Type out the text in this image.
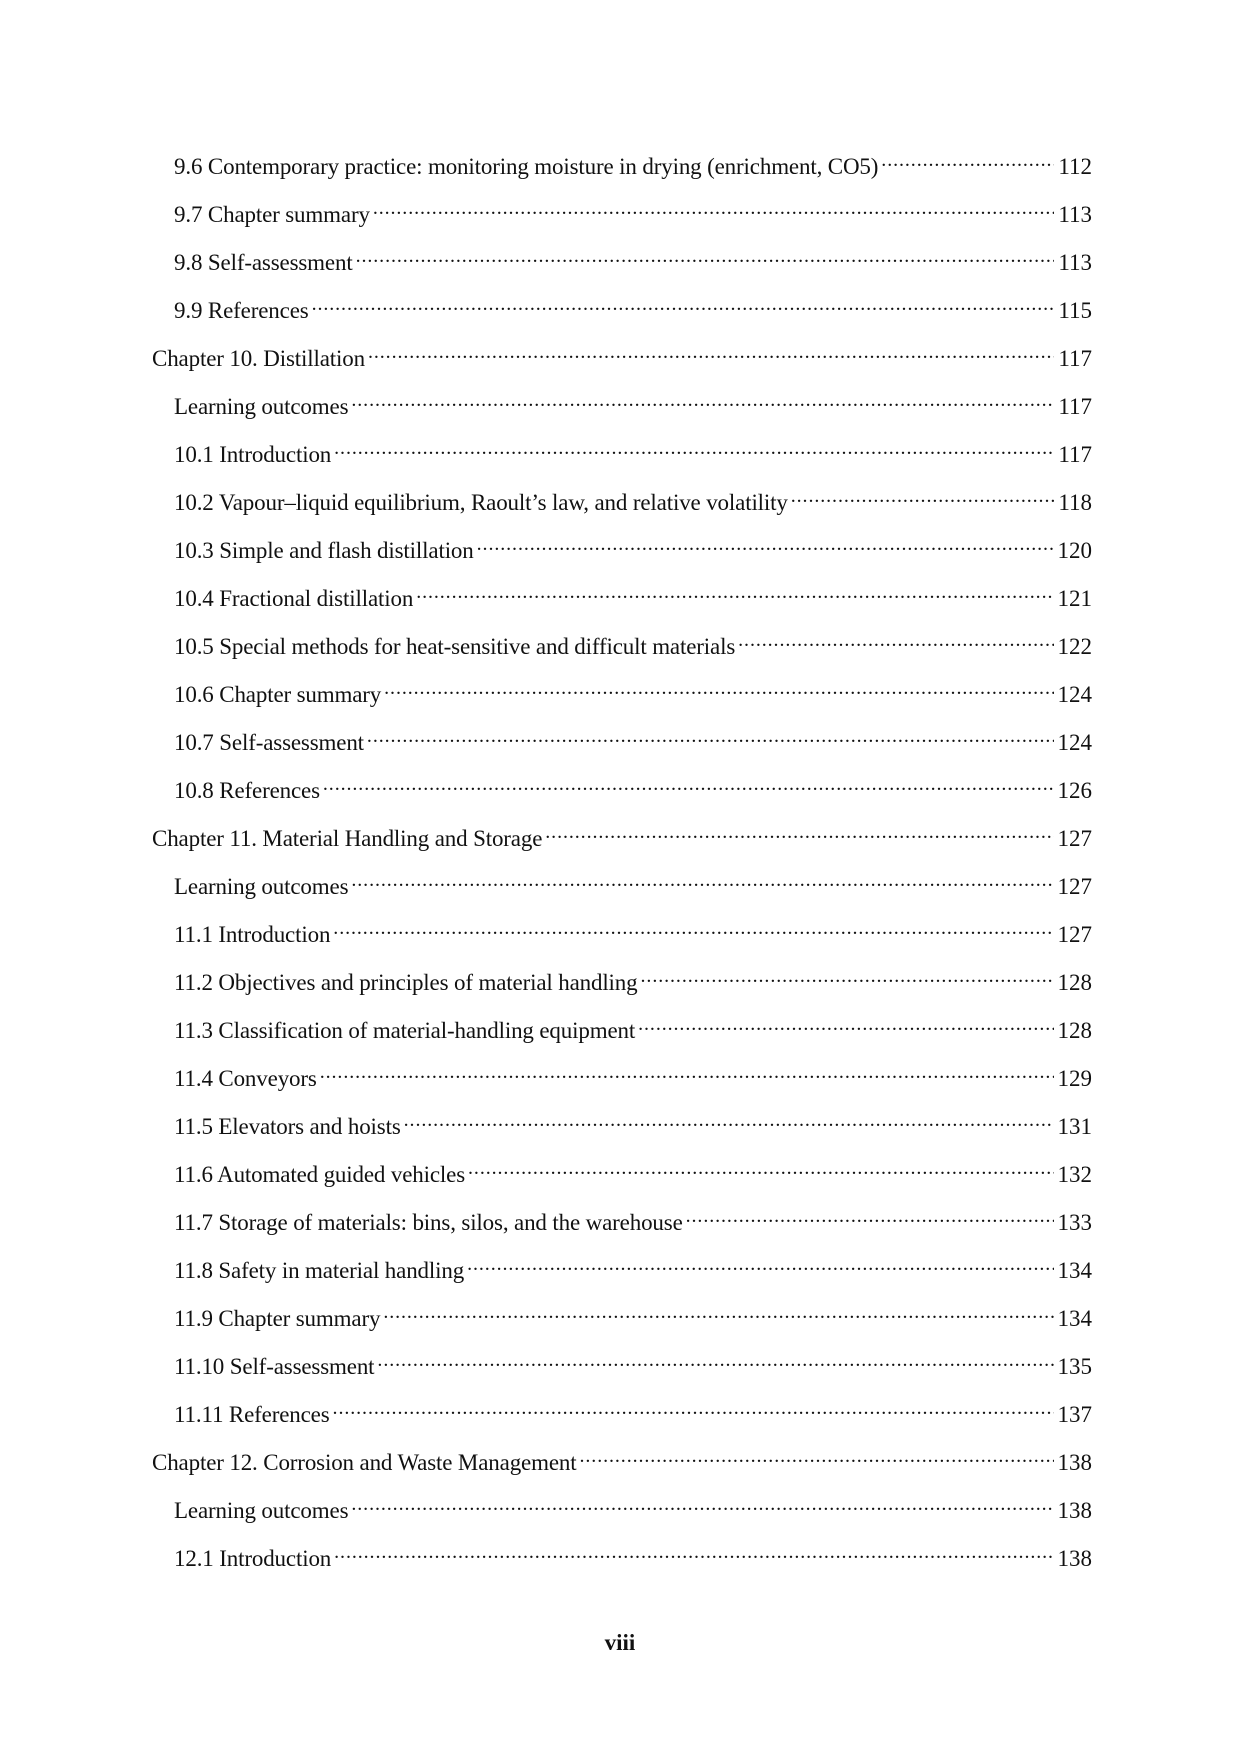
9.6 Contemporary practice: monitoring moisture in drying (enrichment, CO5) .....	112
9.7 Chapter summary .....	113
9.8 Self-assessment .....	113
9.9 References .....	115
Chapter 10. Distillation .....	117
Learning outcomes .....	117
10.1 Introduction .....	117
10.2 Vapour–liquid equilibrium, Raoult’s law, and relative volatility .....	118
10.3 Simple and flash distillation .....	120
10.4 Fractional distillation .....	121
10.5 Special methods for heat-sensitive and difficult materials .....	122
10.6 Chapter summary .....	124
10.7 Self-assessment .....	124
10.8 References .....	126
Chapter 11. Material Handling and Storage .....	127
Learning outcomes .....	127
11.1 Introduction .....	127
11.2 Objectives and principles of material handling .....	128
11.3 Classification of material-handling equipment .....	128
11.4 Conveyors .....	129
11.5 Elevators and hoists .....	131
11.6 Automated guided vehicles .....	132
11.7 Storage of materials: bins, silos, and the warehouse .....	133
11.8 Safety in material handling .....	134
11.9 Chapter summary .....	134
11.10 Self-assessment .....	135
11.11 References .....	137
Chapter 12. Corrosion and Waste Management .....	138
Learning outcomes .....	138
12.1 Introduction .....	138
viii
